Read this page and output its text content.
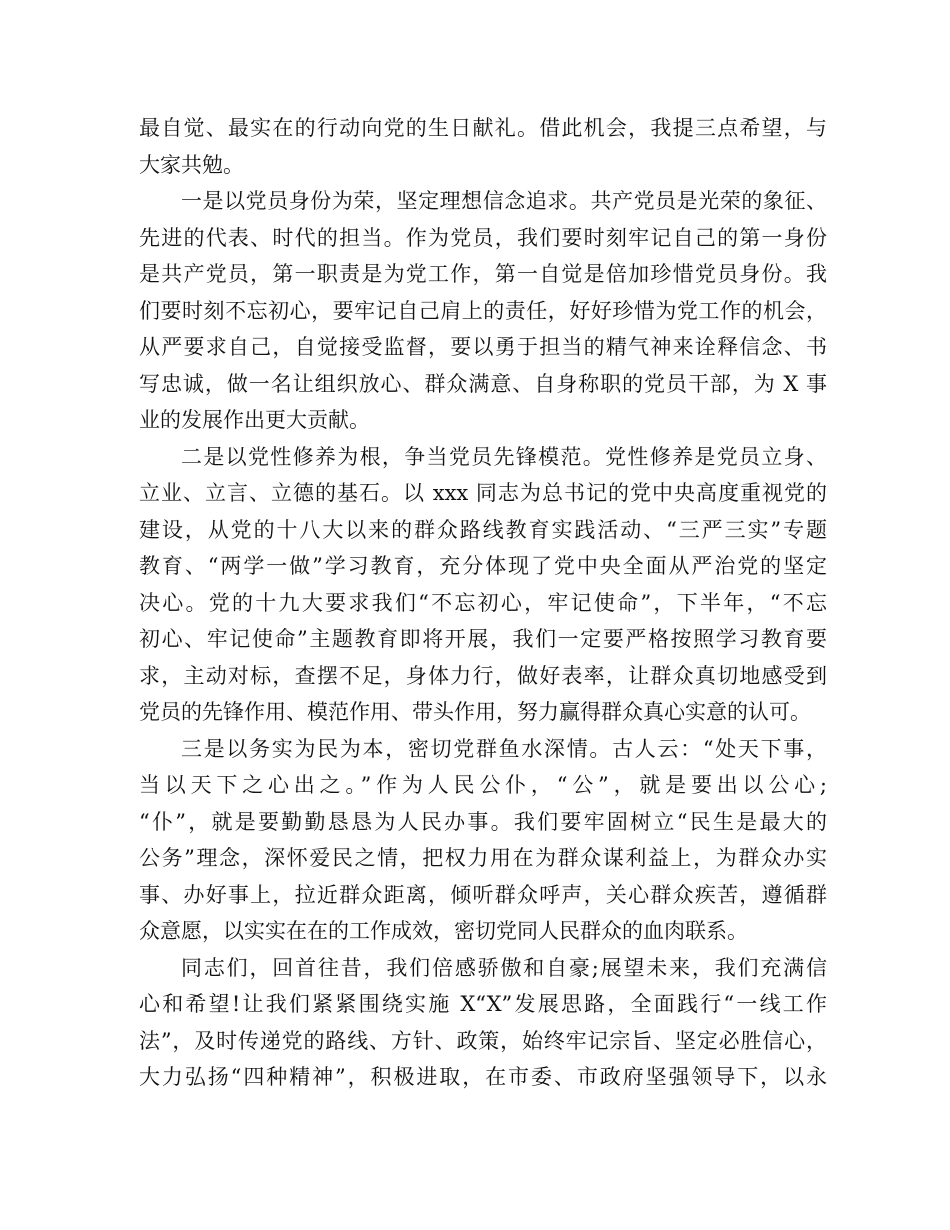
最自觉、最实在的行动向党的生日献礼。借此机会，我提三点希望，与
大家共勉。
一是以党员身份为荣，坚定理想信念追求。共产党员是光荣的象征、
先进的代表、时代的担当。作为党员，我们要时刻牢记自己的第一身份
是共产党员，第一职责是为党工作，第一自觉是倍加珍惜党员身份。我
们要时刻不忘初心，要牢记自己肩上的责任，好好珍惜为党工作的机会，
从严要求自己，自觉接受监督，要以勇于担当的精气神来诠释信念、书
写忠诚，做一名让组织放心、群众满意、自身称职的党员干部，为 X 事
业的发展作出更大贡献。
二是以党性修养为根，争当党员先锋模范。党性修养是党员立身、
立业、立言、立德的基石。以 xxx 同志为总书记的党中央高度重视党的
建设，从党的十八大以来的群众路线教育实践活动、“三严三实”专题
教育、“两学一做”学习教育，充分体现了党中央全面从严治党的坚定
决心。党的十九大要求我们“不忘初心，牢记使命”，下半年，“不忘
初心、牢记使命”主题教育即将开展，我们一定要严格按照学习教育要
求，主动对标，查摆不足，身体力行，做好表率，让群众真切地感受到
党员的先锋作用、模范作用、带头作用，努力赢得群众真心实意的认可。
三是以务实为民为本，密切党群鱼水深情。古人云：“处天下事，
当以天下之心出之。”作为人民公仆，“公”，就是要出以公心;
“仆”，就是要勤勤恳恳为人民办事。我们要牢固树立“民生是最大的
公务”理念，深怀爱民之情，把权力用在为群众谋利益上，为群众办实
事、办好事上，拉近群众距离，倾听群众呼声，关心群众疾苦，遵循群
众意愿，以实实在在的工作成效，密切党同人民群众的血肉联系。
同志们，回首往昔，我们倍感骄傲和自豪;展望未来，我们充满信
心和希望!让我们紧紧围绕实施 X“X”发展思路，全面践行“一线工作
法”，及时传递党的路线、方针、政策，始终牢记宗旨、坚定必胜信心，
大力弘扬“四种精神”，积极进取，在市委、市政府坚强领导下，以永
